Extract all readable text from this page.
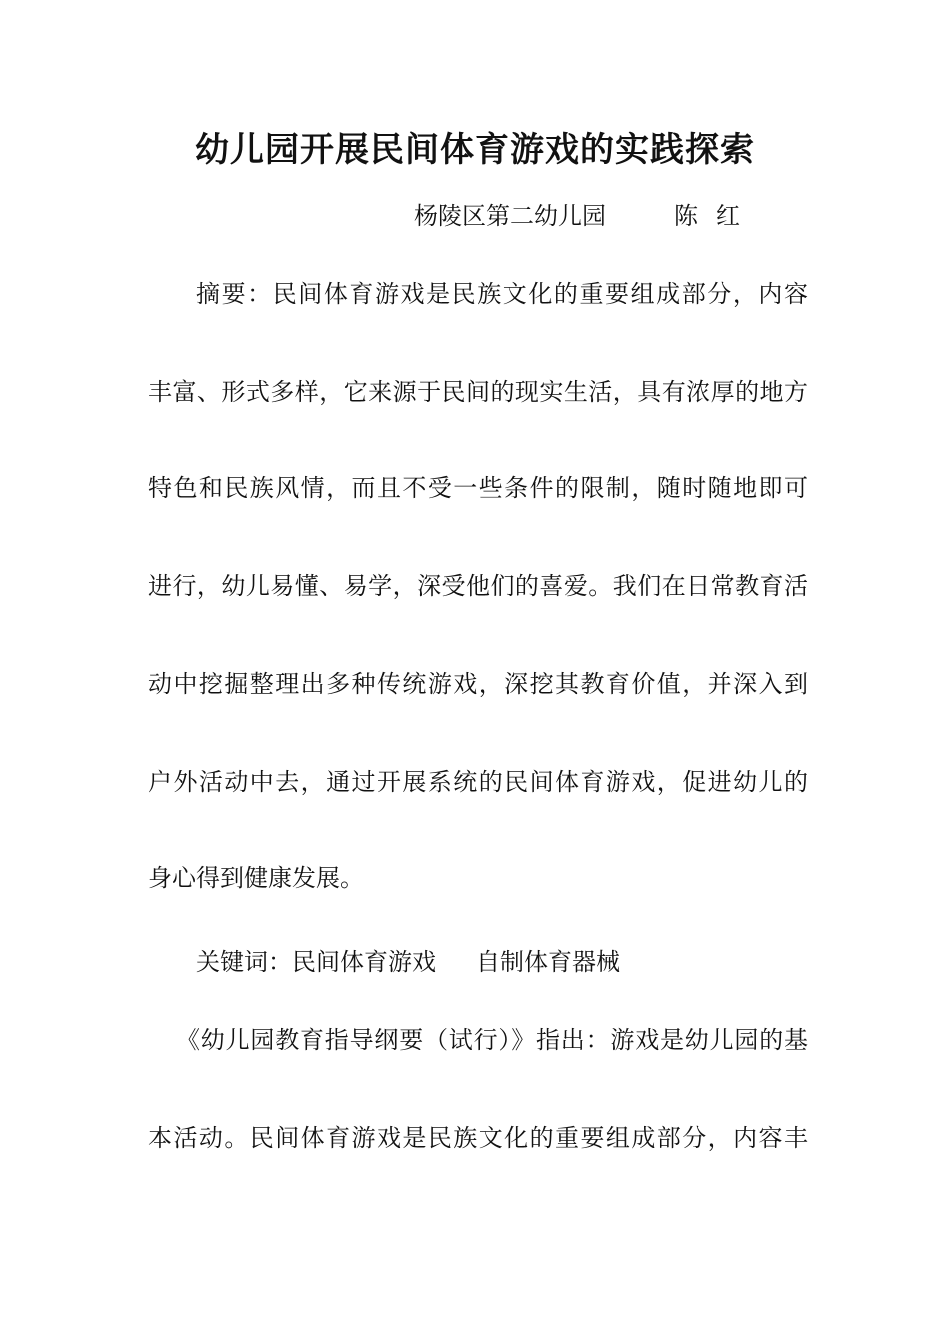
幼儿园开展民间体育游戏的实践探索
杨陵区第二幼儿园	陈红

摘要：民间体育游戏是民族文化的重要组成部分，内容

丰富、形式多样，它来源于民间的现实生活，具有浓厚的地方

特色和民族风情，而且不受一些条件的限制，随时随地即可

进行，幼儿易懂、易学，深受他们的喜爱。我们在日常教育活

动中挖掘整理出多种传统游戏，深挖其教育价值，并深入到

户外活动中去，通过开展系统的民间体育游戏，促进幼儿的

身心得到健康发展。

关键词：民间体育游戏 自制体育器械

《幼儿园教育指导纲要（试行）》指出：游戏是幼儿园的基

本活动。民间体育游戏是民族文化的重要组成部分，内容丰
